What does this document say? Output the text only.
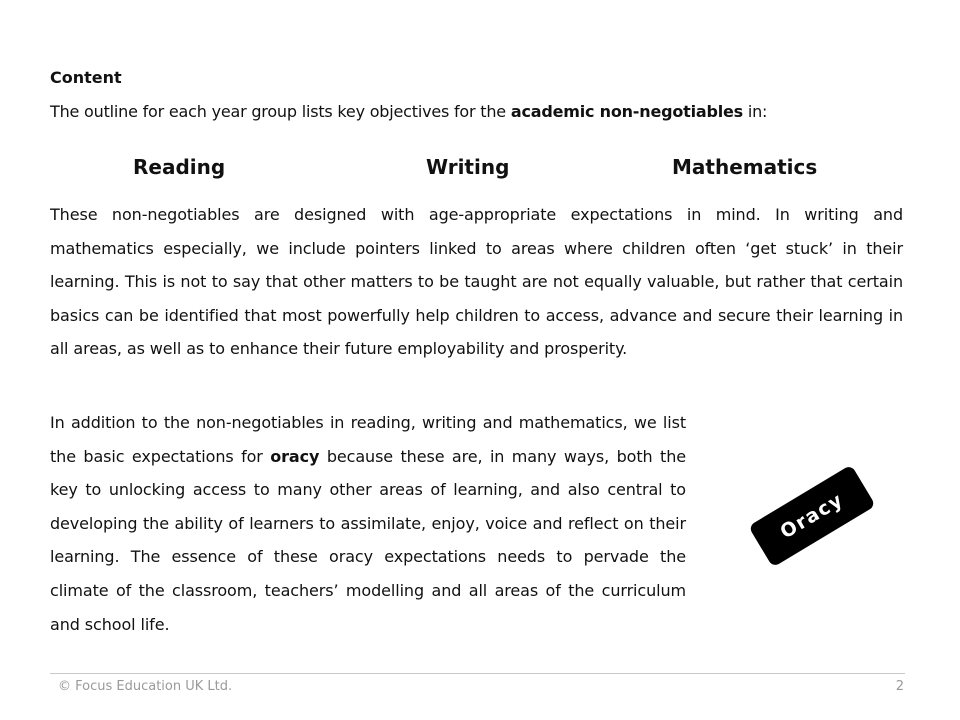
Content
The outline for each year group lists key objectives for the academic non-negotiables in:
Reading	Writing	Mathematics
These non-negotiables are designed with age-appropriate expectations in mind. In writing and mathematics especially, we include pointers linked to areas where children often ‘get stuck’ in their learning. This is not to say that other matters to be taught are not equally valuable, but rather that certain basics can be identified that most powerfully help children to access, advance and secure their learning in all areas, as well as to enhance their future employability and prosperity.
In addition to the non-negotiables in reading, writing and mathematics, we list the basic expectations for oracy because these are, in many ways, both the key to unlocking access to many other areas of learning, and also central to developing the ability of learners to assimilate, enjoy, voice and reflect on their learning. The essence of these oracy expectations needs to pervade the climate of the classroom, teachers’ modelling and all areas of the curriculum and school life.
Oracy
© Focus Education UK Ltd.	2
